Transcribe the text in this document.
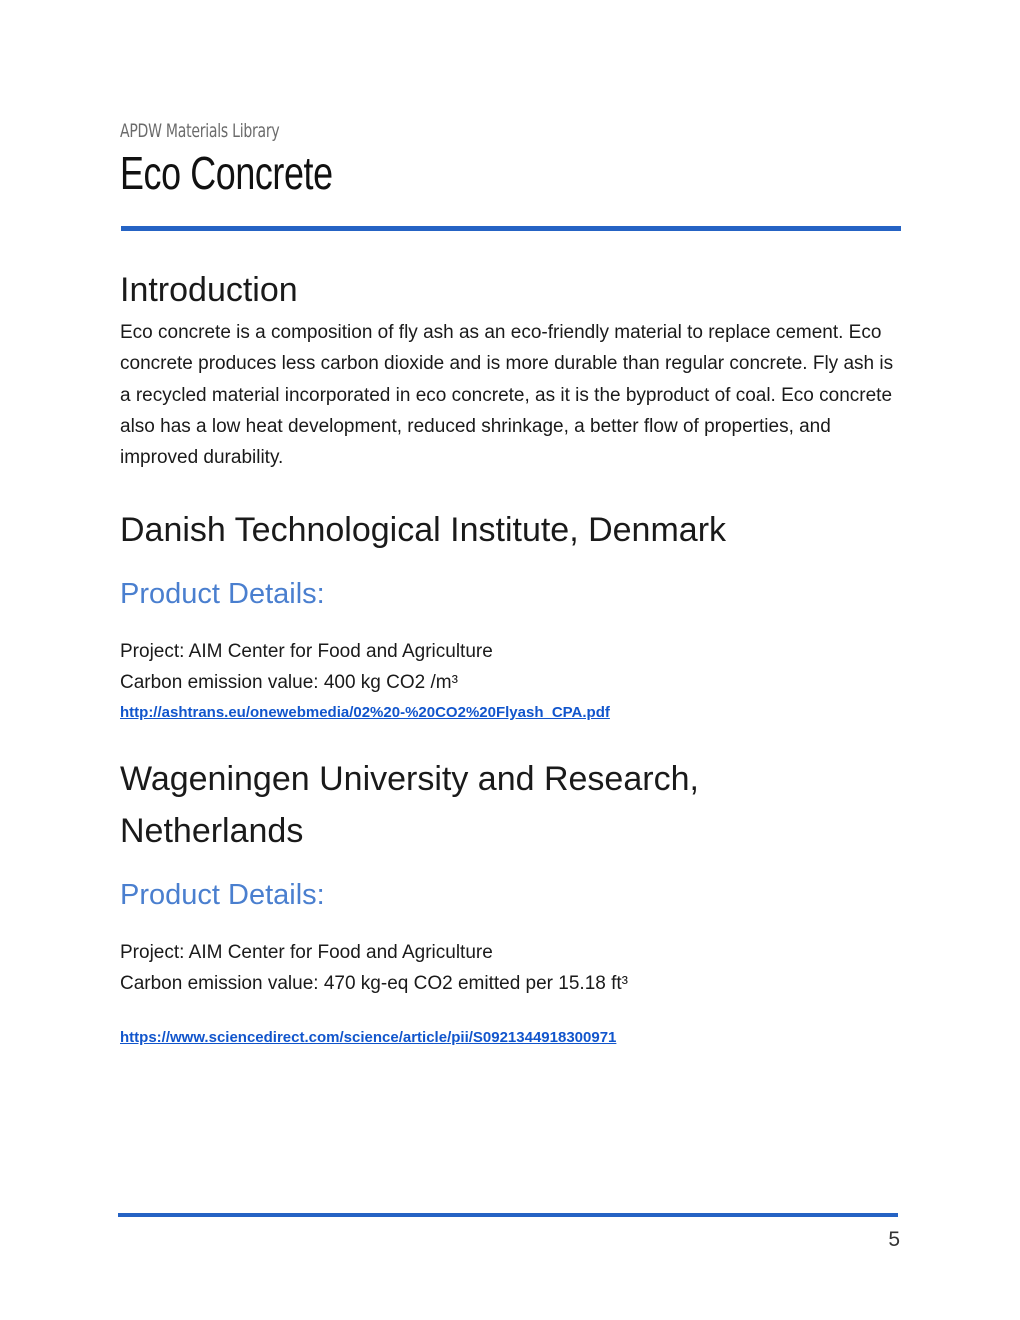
APDW Materials Library
Eco Concrete
Introduction

Eco concrete is a composition of fly ash as an eco-friendly material to replace cement. Eco concrete produces less carbon dioxide and is more durable than regular concrete. Fly ash is a recycled material incorporated in eco concrete, as it is the byproduct of coal. Eco concrete also has a low heat development, reduced shrinkage, a better flow of properties, and improved durability.

Danish Technological Institute, Denmark
Product Details:
Project: AIM Center for Food and Agriculture
Carbon emission value: 400 kg CO2 /m³
http://ashtrans.eu/onewebmedia/02%20-%20CO2%20Flyash_CPA.pdf
Wageningen University and Research,
Netherlands
Product Details:
Project: AIM Center for Food and Agriculture
Carbon emission value: 470 kg-eq CO2 emitted per 15.18 ft³
https://www.sciencedirect.com/science/article/pii/S0921344918300971
5
